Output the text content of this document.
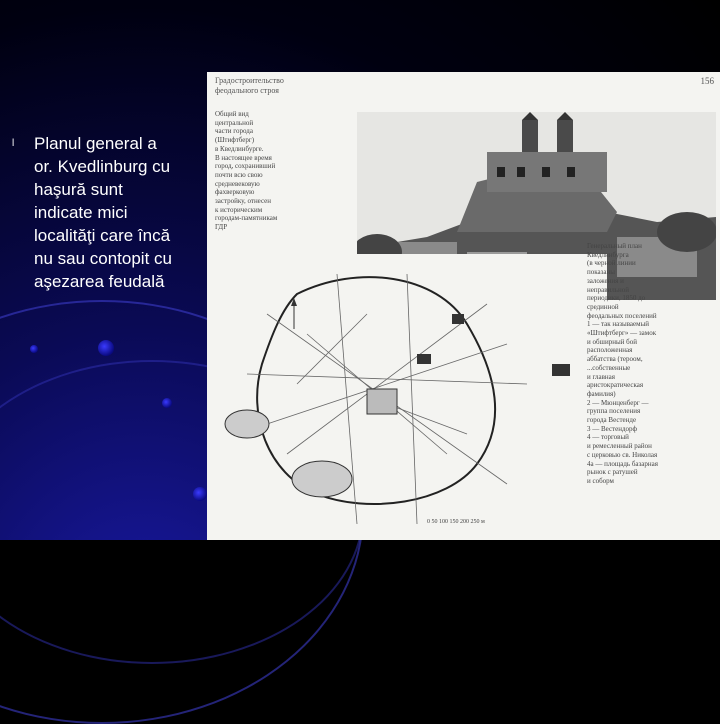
l	Planul general a
or. Kvedlinburg cu
haşură sunt
indicate mici
localităţi care încă
nu sau contopit cu
aşezarea feudală
Градостроительство
феодального строя
156
Общий вид
центральной
части города
(Штифтберг)
в Кведлинбурге.
В настоящее время
город, сохранивший
почти всю свою
средневековую
фахверковую
застройку, отнесен
к историческим
городам-памятникам
ГДР
Генеральный план
Кведлинбурга
(в черной линии
показаны
заложения и
неправильной
периодики, 1850 до
срединной
феодальных поселений
1 — так называемый
«Штифтберг» — замок
и обширный бой
расположенная
аббатства (тероом,
...собственные
и главная
аристократическая
фамилия)
2 — Мюнценберг —
группа поселения
города Вестенде
3 — Вестендорф
4 — торговый
и ремесленный район
с церковью св. Николая
4а — площадь базарная
рынок с ратушей
и соборм
0 50 100 150 200 250 м
